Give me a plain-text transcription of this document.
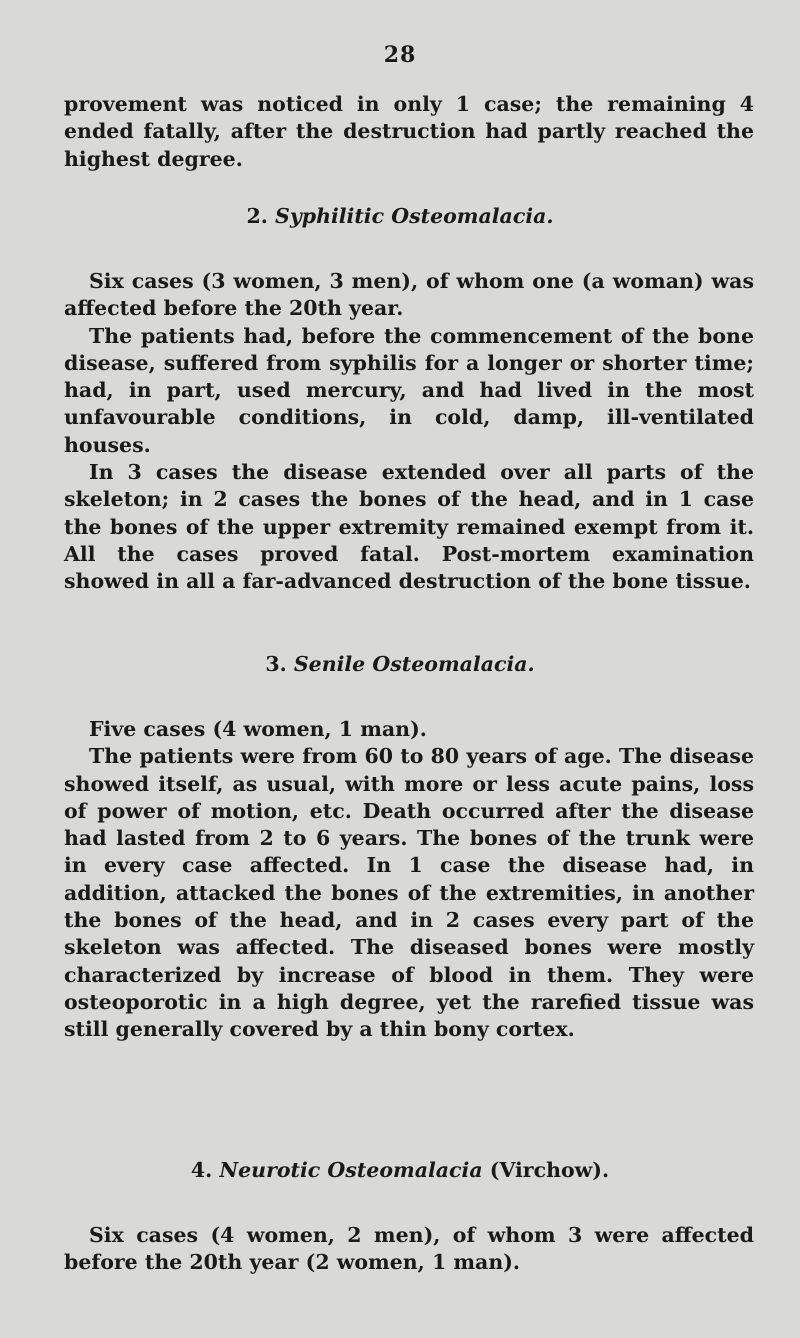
28

provement was noticed in only 1 case; the remaining 4 ended fatally, after the destruction had partly reached the highest degree.

2. Syphilitic Osteomalacia.

Six cases (3 women, 3 men), of whom one (a woman) was affected before the 20th year.

The patients had, before the commencement of the bone disease, suffered from syphilis for a longer or shorter time; had, in part, used mercury, and had lived in the most unfavourable conditions, in cold, damp, ill-ventilated houses.

In 3 cases the disease extended over all parts of the skeleton; in 2 cases the bones of the head, and in 1 case the bones of the upper extremity remained exempt from it. All the cases proved fatal. Post-mortem examination showed in all a far-advanced destruction of the bone tissue.

3. Senile Osteomalacia.

Five cases (4 women, 1 man).

The patients were from 60 to 80 years of age. The disease showed itself, as usual, with more or less acute pains, loss of power of motion, etc. Death occurred after the disease had lasted from 2 to 6 years. The bones of the trunk were in every case affected. In 1 case the disease had, in addition, attacked the bones of the extremities, in another the bones of the head, and in 2 cases every part of the skeleton was affected. The diseased bones were mostly characterized by increase of blood in them. They were osteoporotic in a high degree, yet the rarefied tissue was still generally covered by a thin bony cortex.

4. Neurotic Osteomalacia (Virchow).

Six cases (4 women, 2 men), of whom 3 were affected before the 20th year (2 women, 1 man).
